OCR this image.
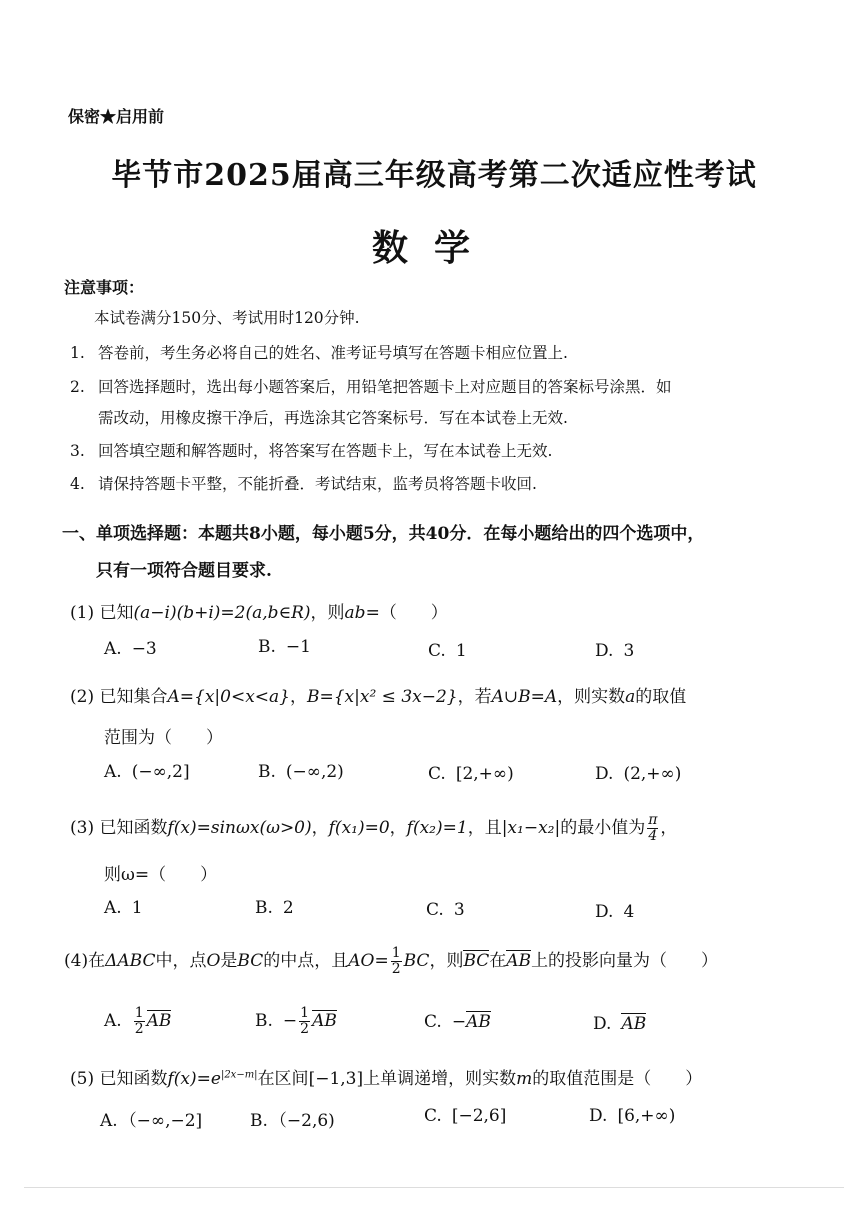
保密★启用前
毕节市2025届高三年级高考第二次适应性考试
数学
注意事项：
本试卷满分150分、考试用时120分钟.
1. 答卷前，考生务必将自己的姓名、准考证号填写在答题卡相应位置上.
2. 回答选择题时，选出每小题答案后，用铅笔把答题卡上对应题目的答案标号涂黑．如
需改动，用橡皮擦干净后，再选涂其它答案标号．写在本试卷上无效.
3. 回答填空题和解答题时，将答案写在答题卡上，写在本试卷上无效.
4. 请保持答题卡平整，不能折叠．考试结束，监考员将答题卡收回.
一、单项选择题：本题共8小题，每小题5分，共40分．在每小题给出的四个选项中，
只有一项符合题目要求.
(1) 已知(a−i)(b+i)=2(a,b∈R)，则ab=（　　）
A. −3	B. −1	C. 1	D. 3
(2) 已知集合A={x|0<x<a}，B={x|x² ≤ 3x−2}，若A∪B=A，则实数a的取值
范围为（　　）
A. (−∞,2]	B. (−∞,2)	C. [2,+∞)	D. (2,+∞)
(3) 已知函数f(x)=sinωx(ω>0)，f(x₁)=0，f(x₂)=1，且|x₁−x₂|的最小值为 $\frac{\pi}{4}$ ，
则ω=（　　）
A. 1	B. 2	C. 3	D. 4
(4)在ΔABC中，点O是BC的中点，且$AO= \frac{1}{2}$ BC，则BC在AB上的投影向量为（　　）
A. $\frac{1}{2}$ AB	B. − $\frac{1}{2}$ AB	C. −AB	D. AB
(5) 已知函数$f(x)=e^{|2x-m|}$在区间[−1,3]上单调递增，则实数m的取值范围是（　　）
A. （−∞,−2]	B. （−2,6)	C. [−2,6]	D. [6,+∞)
